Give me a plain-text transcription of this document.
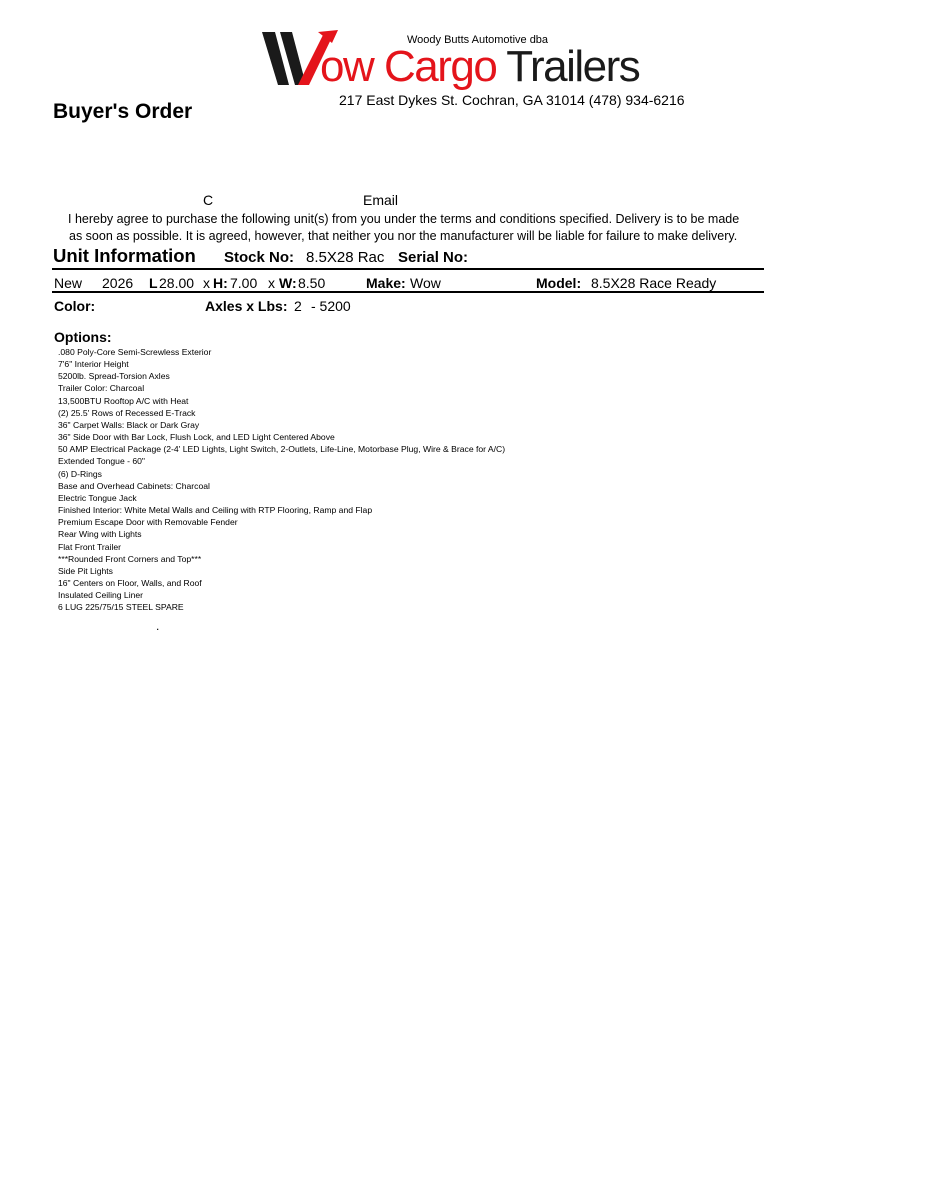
Woody Butts Automotive dba
ow Cargo Trailers
217 East Dykes St. Cochran, GA 31014 (478) 934-6216
Buyer's Order
C	Email
I hereby agree to purchase the following unit(s) from you under the terms and conditions specified. Delivery is to be made
as soon as possible. It is agreed, however, that neither you nor the manufacturer will be liable for failure to make delivery.
Unit Information Stock No: 8.5X28 Rac Serial No:
New 2026 L 28.00 x H: 7.00 x W: 8.50	Make: Wow	Model: 8.5X28 Race Ready
Color:	Axles x Lbs: 2 - 5200
Options:
.080 Poly-Core Semi-Screwless Exterior
7'6" Interior Height
5200lb. Spread-Torsion Axles
Trailer Color: Charcoal
13,500BTU Rooftop A/C with Heat
(2) 25.5' Rows of Recessed E-Track
36" Carpet Walls: Black or Dark Gray
36" Side Door with Bar Lock, Flush Lock, and LED Light Centered Above
50 AMP Electrical Package (2-4' LED Lights, Light Switch, 2-Outlets, Life-Line, Motorbase Plug, Wire & Brace for A/C)
Extended Tongue - 60"
(6) D-Rings
Base and Overhead Cabinets: Charcoal
Electric Tongue Jack
Finished Interior: White Metal Walls and Ceiling with RTP Flooring, Ramp and Flap
Premium Escape Door with Removable Fender
Rear Wing with Lights
Flat Front Trailer
***Rounded Front Corners and Top***
Side Pit Lights
16" Centers on Floor, Walls, and Roof
Insulated Ceiling Liner
6 LUG 225/75/15 STEEL SPARE
.
